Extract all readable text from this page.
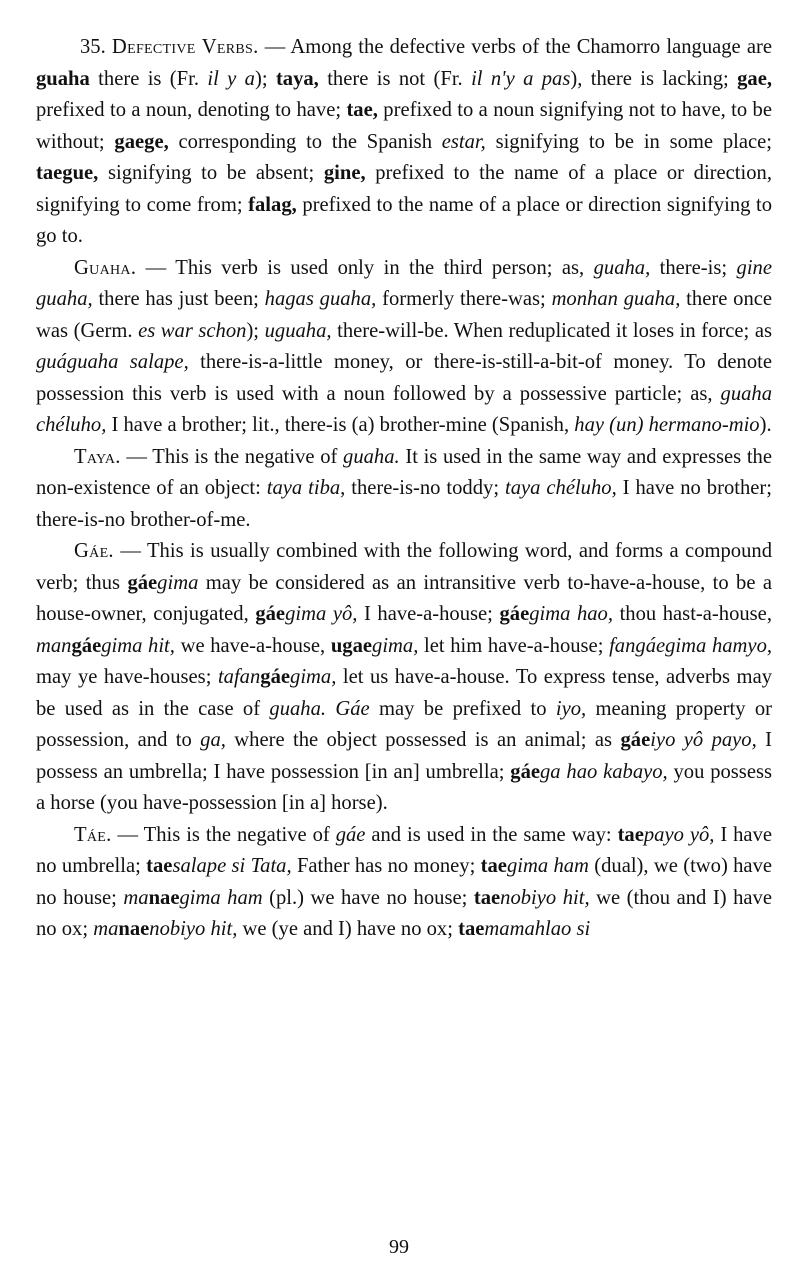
35. Defective Verbs. — Among the defective verbs of the Chamorro language are guaha there is (Fr. il y a); taya, there is not (Fr. il n'y a pas), there is lacking; gae, prefixed to a noun, denoting to have; tae, prefixed to a noun signifying not to have, to be without; gaege, corresponding to the Spanish estar, signifying to be in some place; taegue, signifying to be absent; gine, prefixed to the name of a place or direction, signifying to come from; falag, prefixed to the name of a place or direction signifying to go to.

Guaha. — This verb is used only in the third person; as, guaha, there-is; gine guaha, there has just been; hagas guaha, formerly there-was; monhan guaha, there once was (Germ. es war schon); uguaha, there-will-be. When reduplicated it loses in force; as guáguaha salape, there-is-a-little money, or there-is-still-a-bit-of money. To denote possession this verb is used with a noun followed by a possessive particle; as, guaha chéluho, I have a brother; lit., there-is (a) brother-mine (Spanish, hay (un) hermano-mio).

Taya. — This is the negative of guaha. It is used in the same way and expresses the non-existence of an object: taya tiba, there-is-no toddy; taya chéluho, I have no brother; there-is-no brother-of-me.

Gáe. — This is usually combined with the following word, and forms a compound verb; thus gáegima may be considered as an intransitive verb to-have-a-house, to be a house-owner, conjugated, gáegima yô, I have-a-house; gáegima hao, thou hast-a-house, mangáegima hit, we have-a-house, ugaegima, let him have-a-house; fangáegima hamyo, may ye have-houses; tafangáegima, let us have-a-house. To express tense, adverbs may be used as in the case of guaha. Gáe may be prefixed to iyo, meaning property or possession, and to ga, where the object possessed is an animal; as gáeiyo yô payo, I possess an umbrella; I have possession [in an] umbrella; gáega hao kabayo, you possess a horse (you have-possession [in a] horse).

Táe. — This is the negative of gáe and is used in the same way: taepayo yô, I have no umbrella; taesalape si Tata, Father has no money; taegima ham (dual), we (two) have no house; manaegima ham (pl.) we have no house; taenobiyo hit, we (thou and I) have no ox; manaenobiyo hit, we (ye and I) have no ox; taemamahlao si

99
